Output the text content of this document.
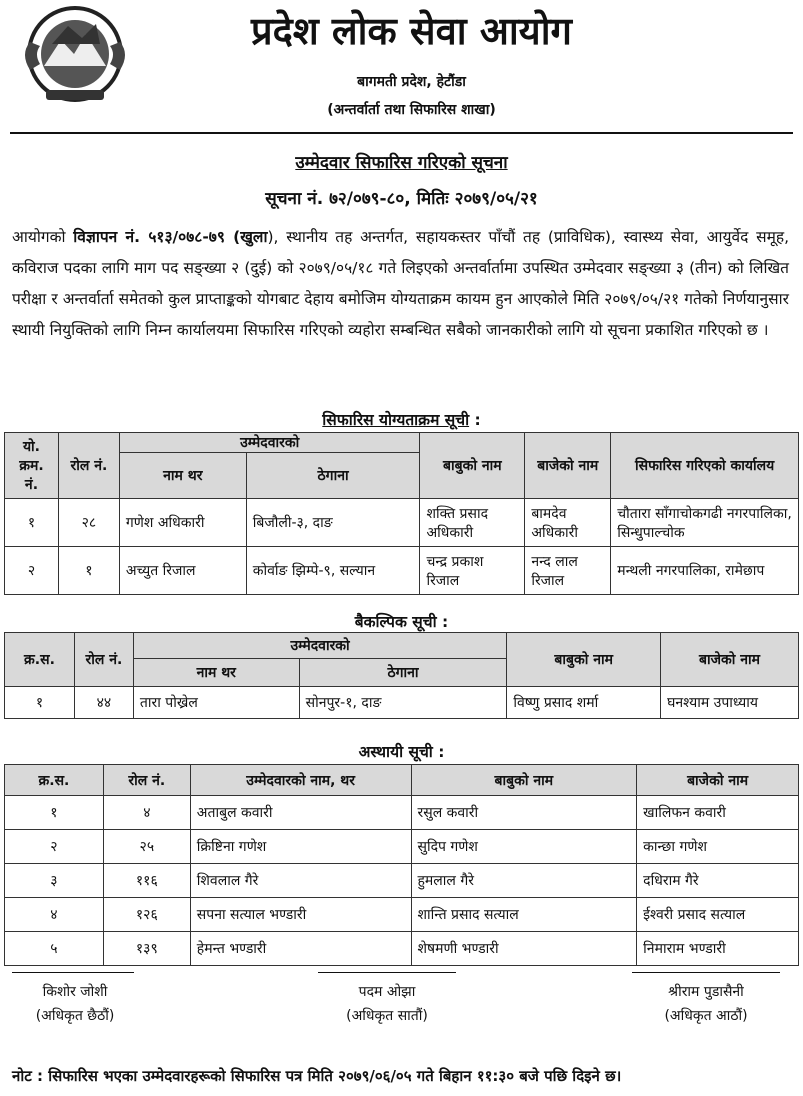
प्रदेश लोक सेवा आयोग
बागमती प्रदेश, हेटौंडा
(अन्तर्वार्ता तथा सिफारिस शाखा)
उम्मेदवार सिफारिस गरिएको सूचना
सूचना नं. ७२/०७९-८०, मितिः २०७९/०५/२१
आयोगको विज्ञापन नं. ५१३/०७८-७९ (खुला), स्थानीय तह अन्तर्गत, सहायकस्तर पाँचौं तह (प्राविधिक), स्वास्थ्य सेवा, आयुर्वेद समूह, कविराज पदका लागि माग पद सङ्ख्या २ (दुई) को २०७९/०५/१८ गते लिइएको अन्तर्वार्तामा उपस्थित उम्मेदवार सङ्ख्या ३ (तीन) को लिखित परीक्षा र अन्तर्वार्ता समेतको कुल प्राप्ताङ्कको योगबाट देहाय बमोजिम योग्यताक्रम कायम हुन आएकोले मिति २०७९/०५/२१ गतेको निर्णयानुसार स्थायी नियुक्तिको लागि निम्न कार्यालयमा सिफारिस गरिएको व्यहोरा सम्बन्धित सबैको जानकारीको लागि यो सूचना प्रकाशित गरिएको छ ।
सिफारिस योग्यताक्रम सूची :
यो. क्रम. नं.	रोल नं.	उम्मेदवारको		बाबुको नाम	बाजेको नाम	सिफारिस गरिएको कार्यालय
		नाम थर	ठेगाना			
१	२८	गणेश अधिकारी	बिजौली-३, दाङ	शक्ति प्रसाद अधिकारी	बामदेव अधिकारी	चौतारा साँगाचोकगढी नगरपालिका, सिन्धुपाल्चोक
२	१	अच्युत रिजाल	कोर्वाङ झिम्पे-९, सल्यान	चन्द्र प्रकाश रिजाल	नन्द लाल रिजाल	मन्थली नगरपालिका, रामेछाप
बैकल्पिक सूची :
क्र.स.	रोल नं.	उम्मेदवारको		बाबुको नाम	बाजेको नाम
		नाम थर	ठेगाना		
१	४४	तारा पोख्रेल	सोनपुर-१, दाङ	विष्णु प्रसाद शर्मा	घनश्याम उपाध्याय
अस्थायी सूची :
क्र.स.	रोल नं.	उम्मेदवारको नाम, थर	बाबुको नाम	बाजेको नाम
१	४	अताबुल कवारी	रसुल कवारी	खालिफन कवारी
२	२५	क्रिष्टिना गणेश	सुदिप गणेश	कान्छा गणेश
३	११६	शिवलाल गैरे	हुमलाल गैरे	दधिराम गैरे
४	१२६	सपना सत्याल भण्डारी	शान्ति प्रसाद सत्याल	ईश्वरी प्रसाद सत्याल
५	१३९	हेमन्त भण्डारी	शेषमणी भण्डारी	निमाराम भण्डारी
किशोर जोशी
(अधिकृत छैठौं)
पदम ओझा
(अधिकृत सातौं)
श्रीराम पुडासैनी
(अधिकृत आठौं)
नोट : सिफारिस भएका उम्मेदवारहरूको सिफारिस पत्र मिति २०७९/०६/०५ गते बिहान ११:३० बजे पछि दिइने छ।
